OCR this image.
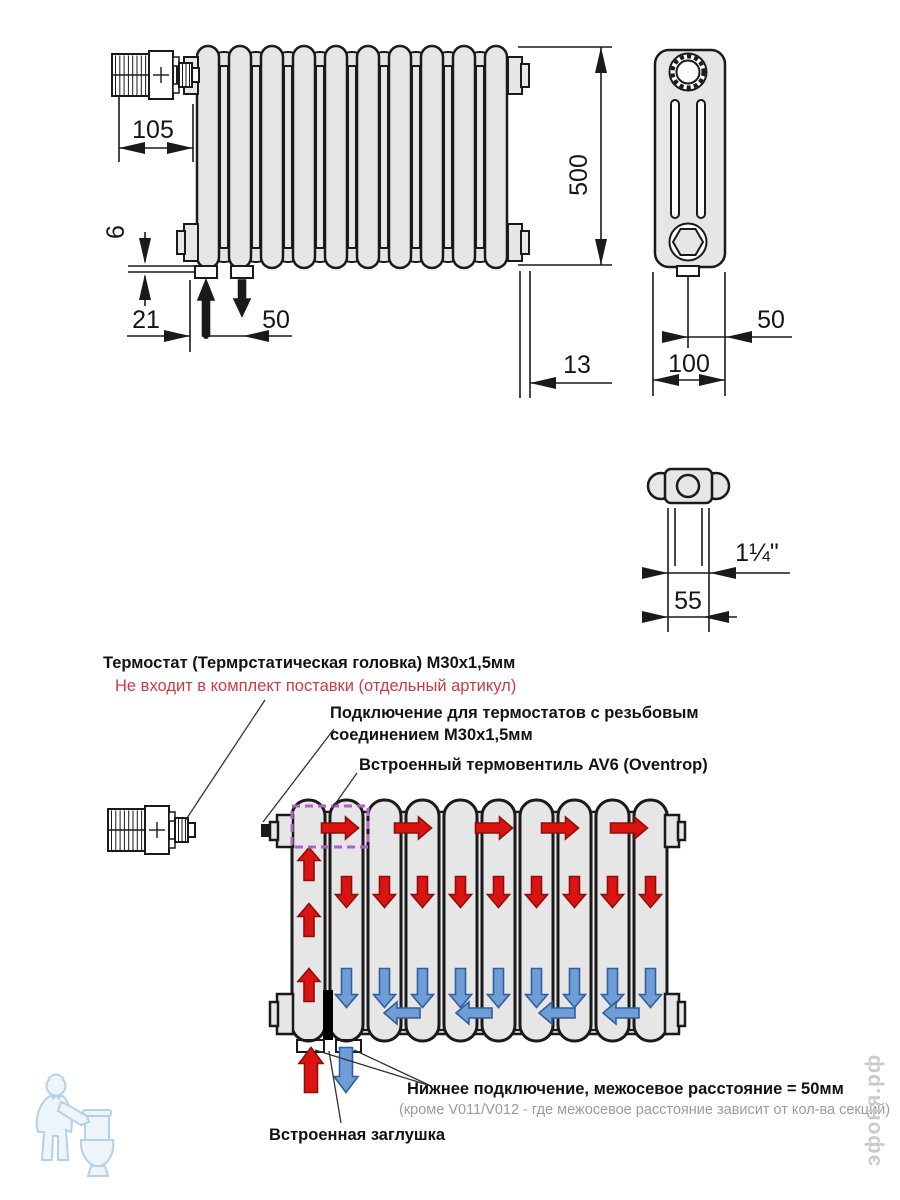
105
500
6
21	50
13
50
100
1¼"
55
Термостат (Термрстатическая головка) М30х1,5мм
Не входит в комплект поставки (отдельный артикул)
Подключение для термостатов с резьбовым
соединением М30х1,5мм
Встроенный термовентиль AV6 (Oventrop)
Нижнее подключение, межосевое расстояние = 50мм
(кроме V011/V012 - где межосевое расстояние зависит от кол-ва секций)
Встроенная заглушка	эфоня.рф
